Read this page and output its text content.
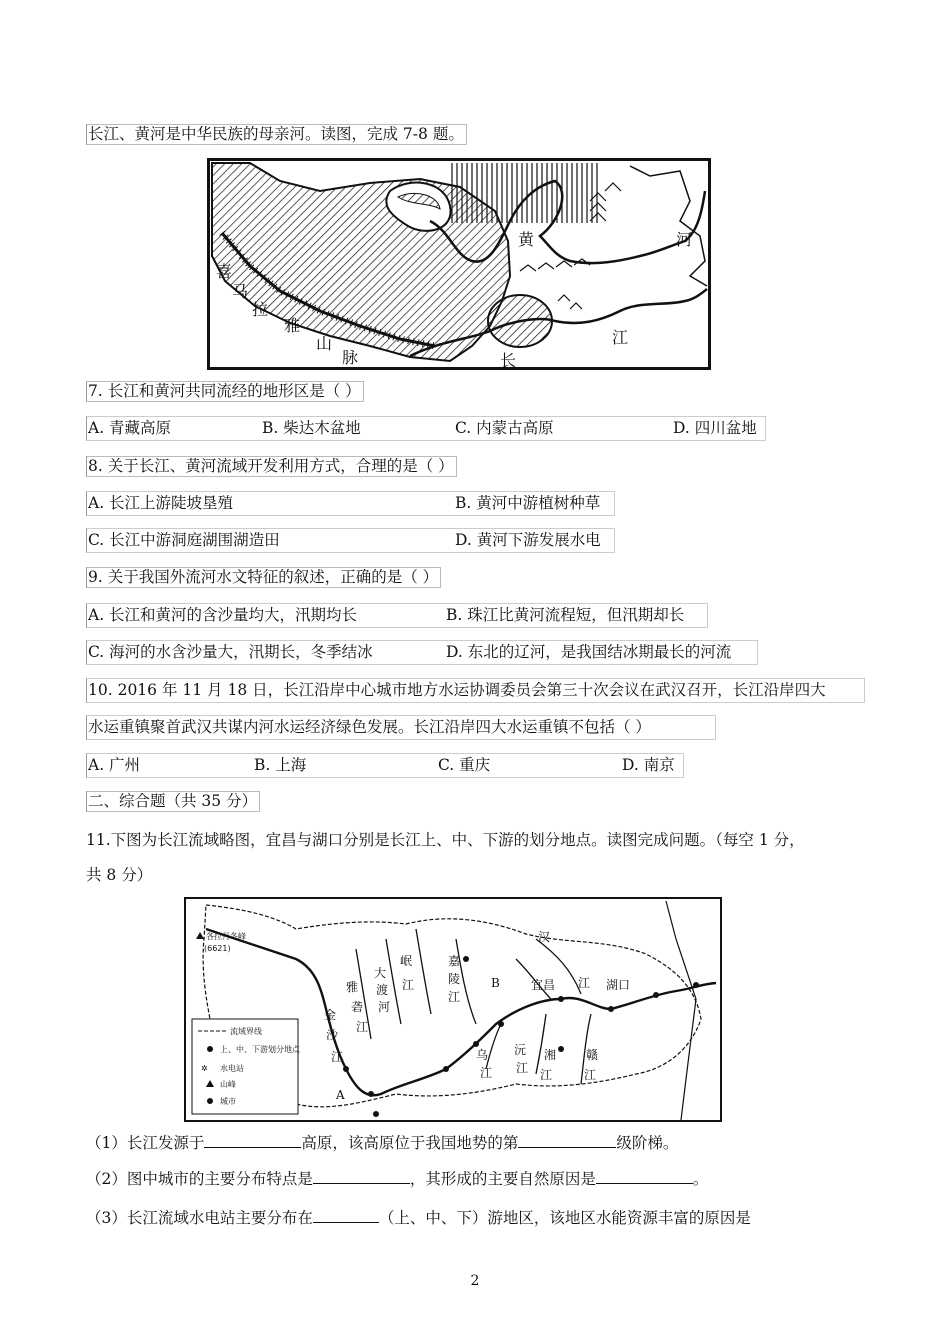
长江、黄河是中华民族的母亲河。读图，完成 7-8 题。
喜
马
拉
雅
山
脉
黄	河
长
江
7. 长江和黄河共同流经的地形区是（ ）
A. 青藏高原	B. 柴达木盆地	C. 内蒙古高原	D. 四川盆地
8. 关于长江、黄河流域开发利用方式，合理的是（ ）
A. 长江上游陡坡垦殖	B. 黄河中游植树种草
C. 长江中游洞庭湖围湖造田	D. 黄河下游发展水电
9. 关于我国外流河水文特征的叙述，正确的是（ ）
A. 长江和黄河的含沙量均大，汛期均长	B. 珠江比黄河流程短，但汛期却长
C. 海河的水含沙量大，汛期长，冬季结冰	D. 东北的辽河，是我国结冰期最长的河流
10. 2016 年 11 月 18 日，长江沿岸中心城市地方水运协调委员会第三十次会议在武汉召开，长江沿岸四大
水运重镇聚首武汉共谋内河水运经济绿色发展。长江沿岸四大水运重镇不包括（ ）
A. 广州	B. 上海	C. 重庆	D. 南京
二、综合题（共 35 分）
11.下图为长江流域略图，宜昌与湖口分别是长江上、中、下游的划分地点。读图完成问题。（每空 1 分，
共 8 分）
流域界线
上、中、下游划分地点
✲ 水电站
山峰
城市
各拉丹冬峰
(6621)
金
沙
江
雅
砻
江
大
渡
河
岷
江
嘉
陵
江
乌
江
沅
江
湘
江
赣
江
汉
江
宜昌	湖口
A
B
（1）长江发源于	高原，该高原位于我国地势的第	级阶梯。
（2）图中城市的主要分布特点是	，其形成的主要自然原因是	。
（3）长江流域水电站主要分布在	（上、中、下）游地区，该地区水能资源丰富的原因是
2
